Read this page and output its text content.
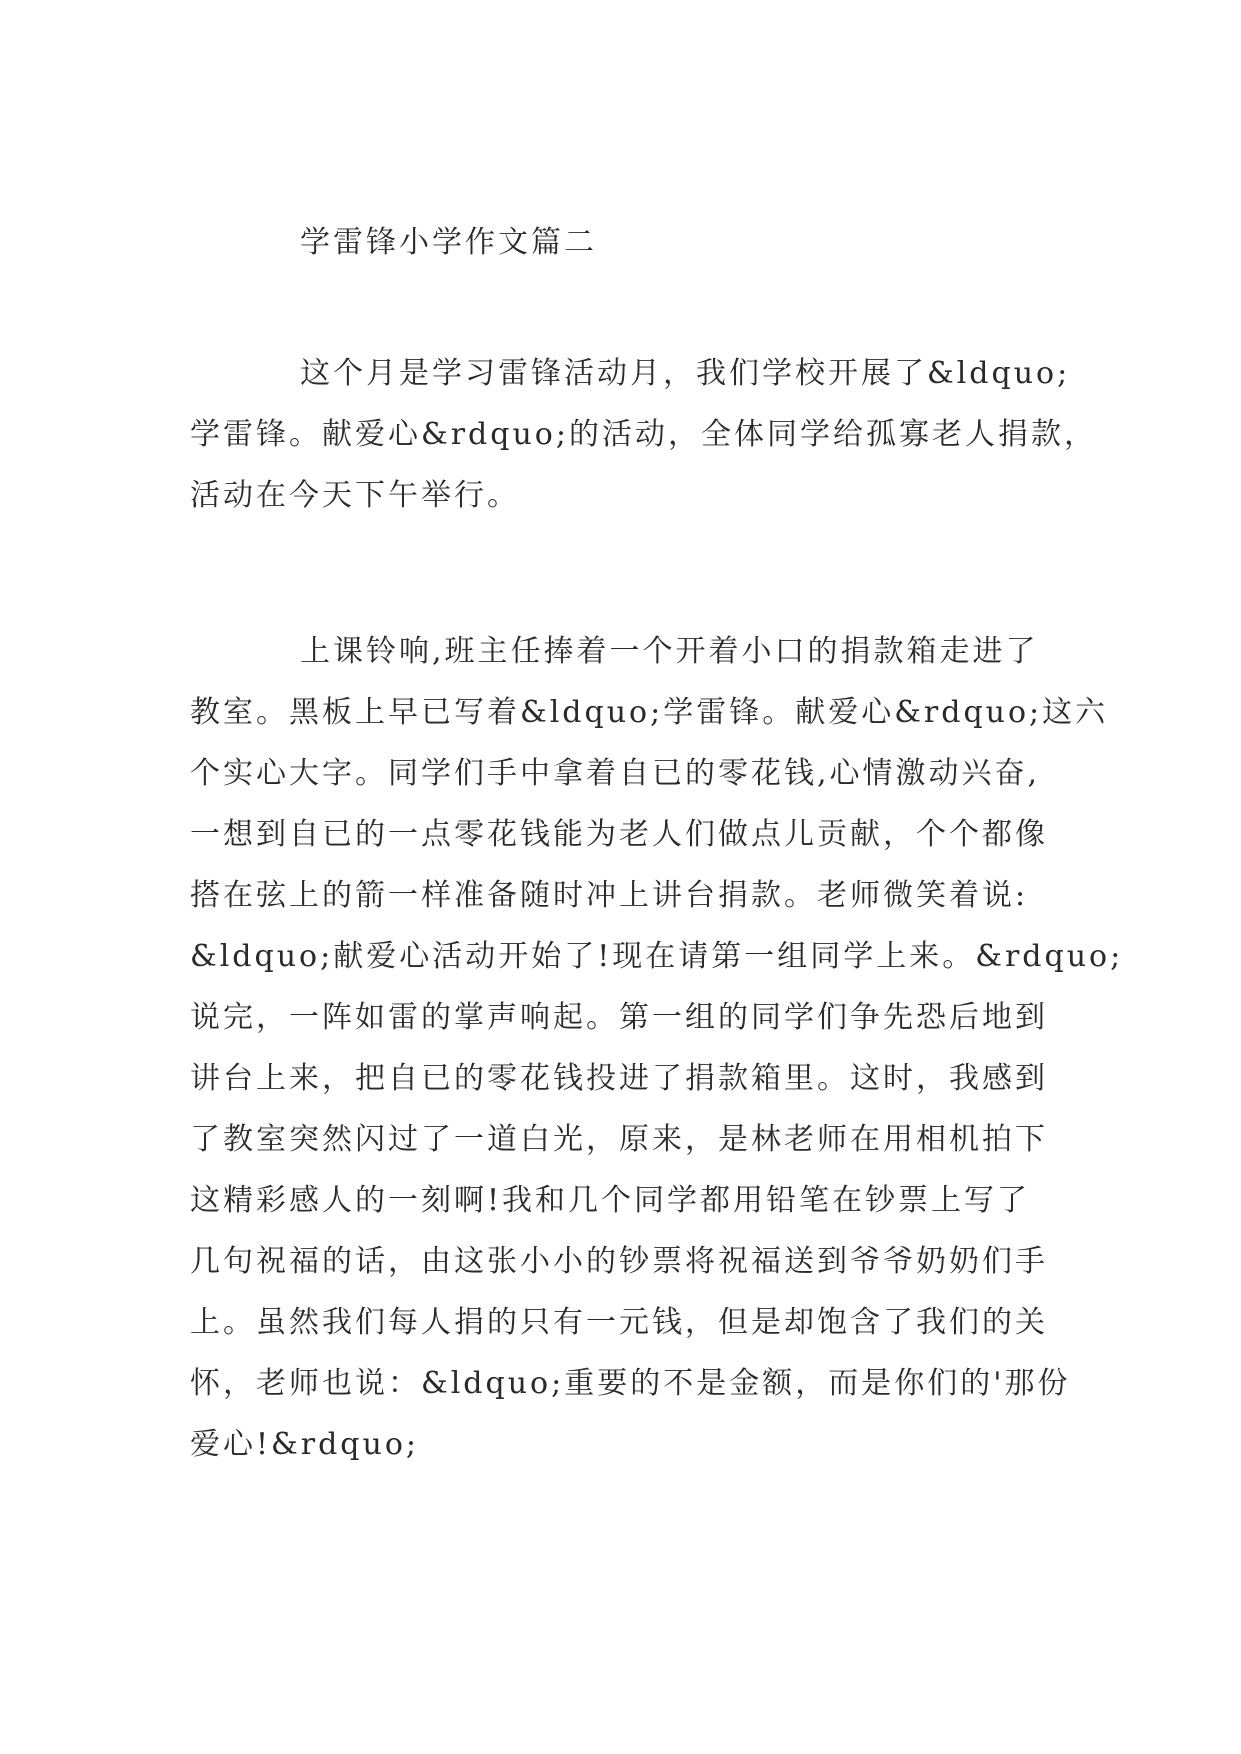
学雷锋小学作文篇二
这个月是学习雷锋活动月，我们学校开展了&ldquo;
学雷锋。献爱心&rdquo;的活动，全体同学给孤寡老人捐款，
活动在今天下午举行。
上课铃响,班主任捧着一个开着小口的捐款箱走进了
教室。黑板上早已写着&ldquo;学雷锋。献爱心&rdquo;这六
个实心大字。同学们手中拿着自已的零花钱,心情激动兴奋,
一想到自已的一点零花钱能为老人们做点儿贡献，个个都像
搭在弦上的箭一样准备随时冲上讲台捐款。老师微笑着说:
&ldquo;献爱心活动开始了!现在请第一组同学上来。&rdquo;
说完，一阵如雷的掌声响起。第一组的同学们争先恐后地到
讲台上来，把自已的零花钱投进了捐款箱里。这时，我感到
了教室突然闪过了一道白光，原来，是林老师在用相机拍下
这精彩感人的一刻啊!我和几个同学都用铅笔在钞票上写了
几句祝福的话，由这张小小的钞票将祝福送到爷爷奶奶们手
上。虽然我们每人捐的只有一元钱，但是却饱含了我们的关
怀，老师也说：&ldquo;重要的不是金额，而是你们的'那份
爱心!&rdquo;
